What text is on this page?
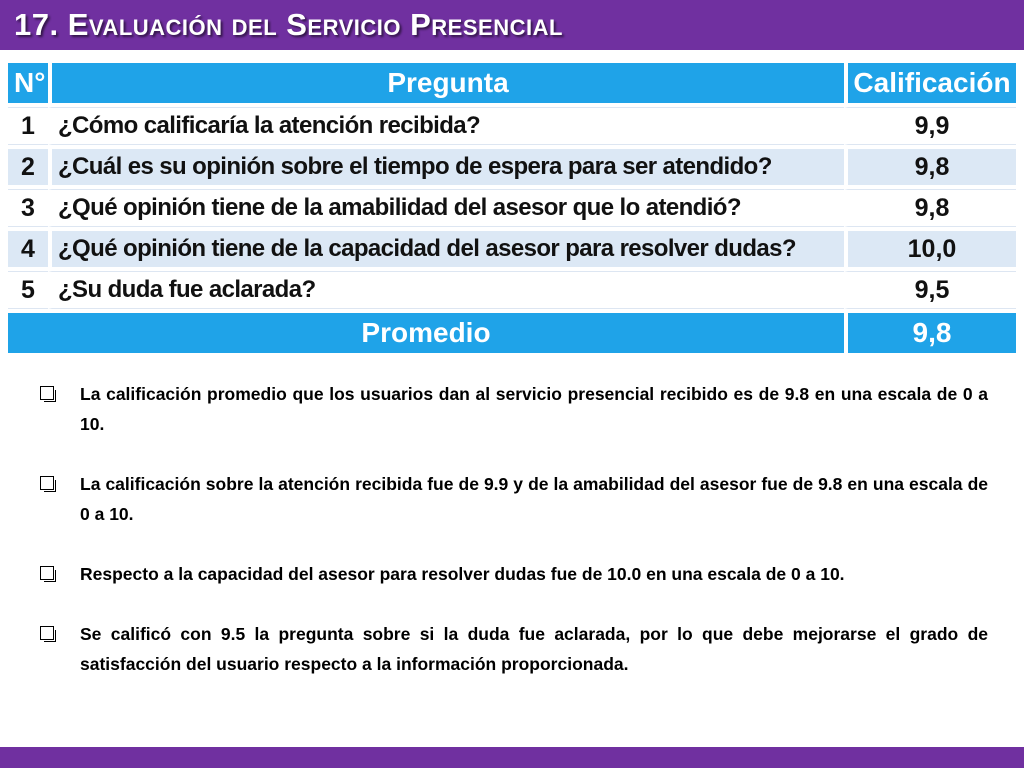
17. Evaluación del Servicio Presencial
N°	Pregunta	Calificación
1	¿Cómo calificaría la atención recibida?	9,9
2	¿Cuál es su opinión sobre el tiempo de espera para ser atendido?	9,8
3	¿Qué opinión tiene de la amabilidad del asesor que lo atendió?	9,8
4	¿Qué opinión tiene de la capacidad del asesor para resolver dudas?	10,0
5	¿Su duda fue aclarada?	9,5
Promedio		9,8
La calificación promedio que los usuarios dan al servicio presencial recibido es de 9.8 en una escala de 0 a 10.
La calificación sobre la atención recibida fue de 9.9 y de la amabilidad del asesor fue de 9.8 en una escala de 0 a 10.
Respecto a la capacidad del asesor para resolver dudas fue de 10.0 en una escala de 0 a 10.
Se calificó con 9.5 la pregunta sobre si la duda fue aclarada, por lo que debe mejorarse el grado de satisfacción del usuario respecto a la información proporcionada.
